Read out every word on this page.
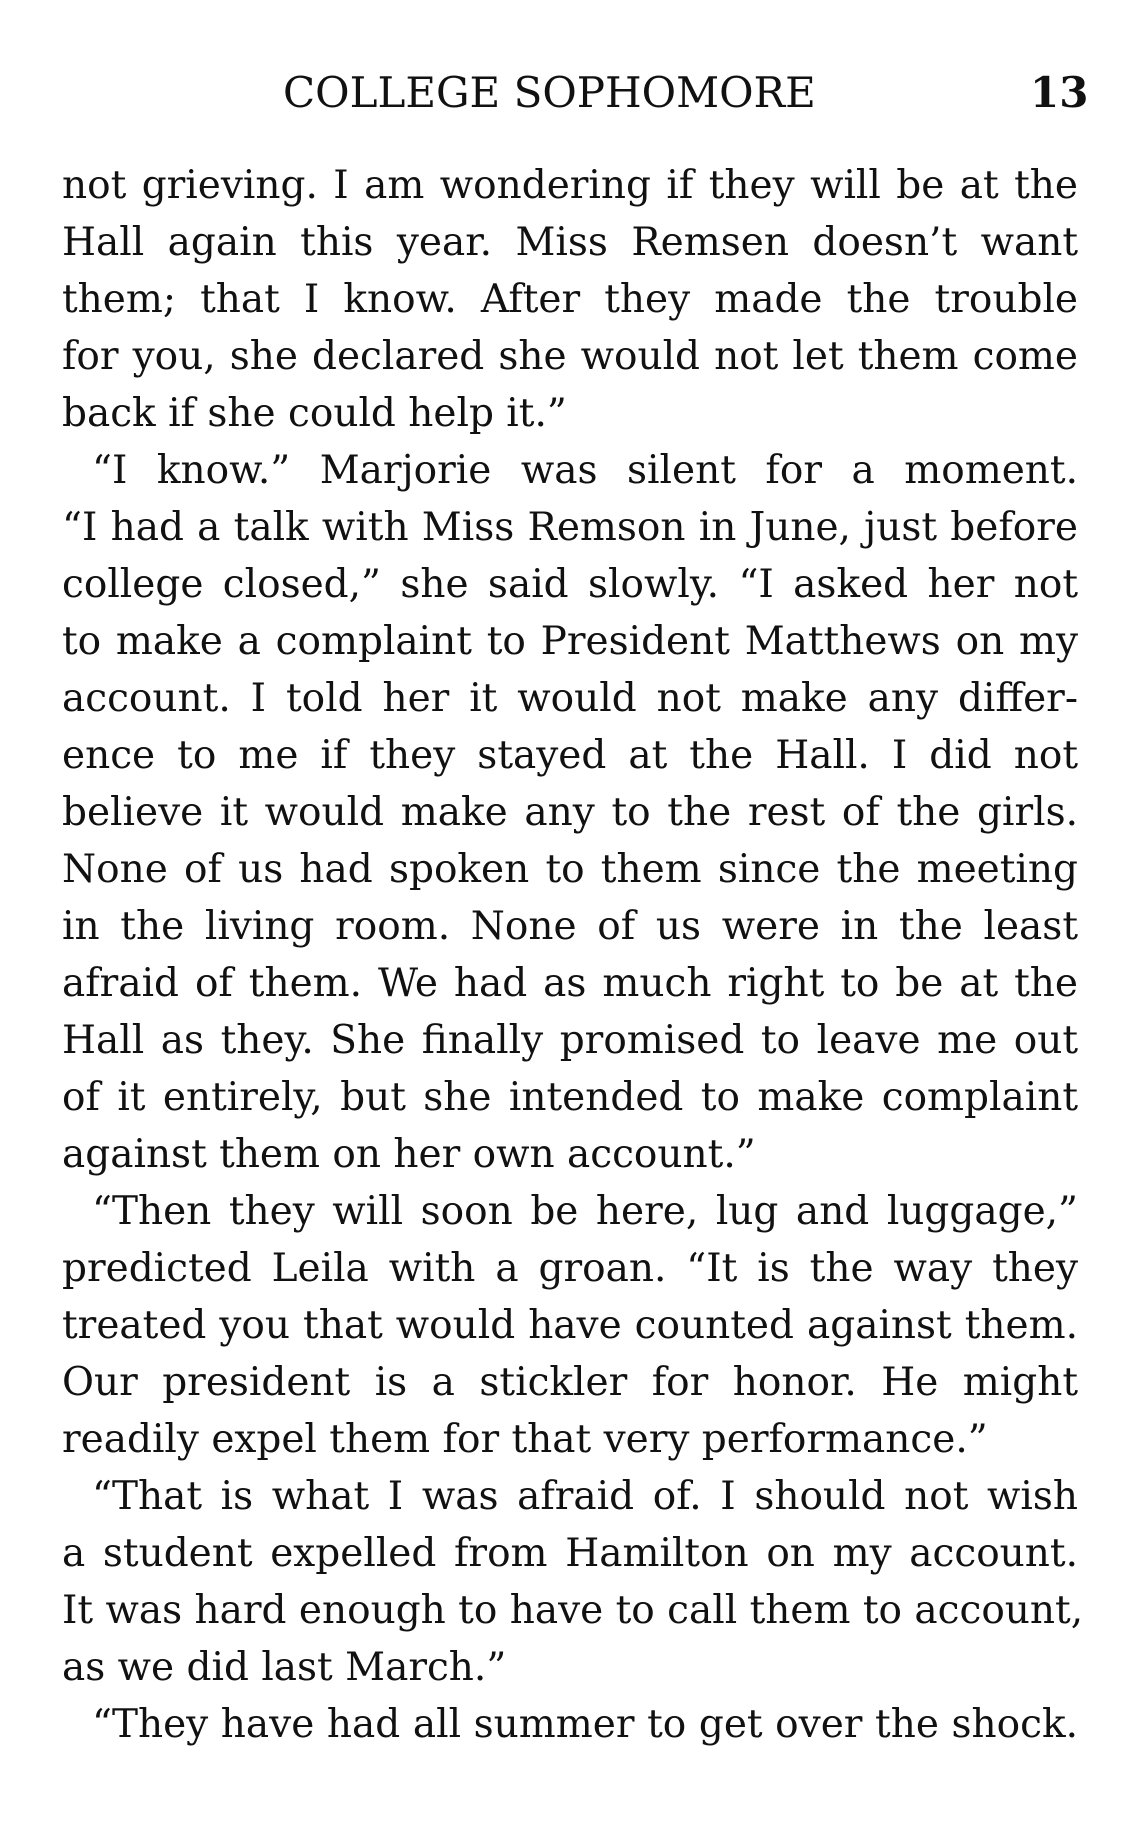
COLLEGE SOPHOMORE	13
not grieving. I am wondering if they will be at the
Hall again this year. Miss Remsen doesn’t want
them; that I know. After they made the trouble
for you, she declared she would not let them come
back if she could help it.”
“I know.” Marjorie was silent for a moment.
“I had a talk with Miss Remson in June, just before
college closed,” she said slowly. “I asked her not
to make a complaint to President Matthews on my
account. I told her it would not make any differ-
ence to me if they stayed at the Hall. I did not
believe it would make any to the rest of the girls.
None of us had spoken to them since the meeting
in the living room. None of us were in the least
afraid of them. We had as much right to be at the
Hall as they. She finally promised to leave me out
of it entirely, but she intended to make complaint
against them on her own account.”
“Then they will soon be here, lug and luggage,”
predicted Leila with a groan. “It is the way they
treated you that would have counted against them.
Our president is a stickler for honor. He might
readily expel them for that very performance.”
“That is what I was afraid of. I should not wish
a student expelled from Hamilton on my account.
It was hard enough to have to call them to account,
as we did last March.”
“They have had all summer to get over the shock.
